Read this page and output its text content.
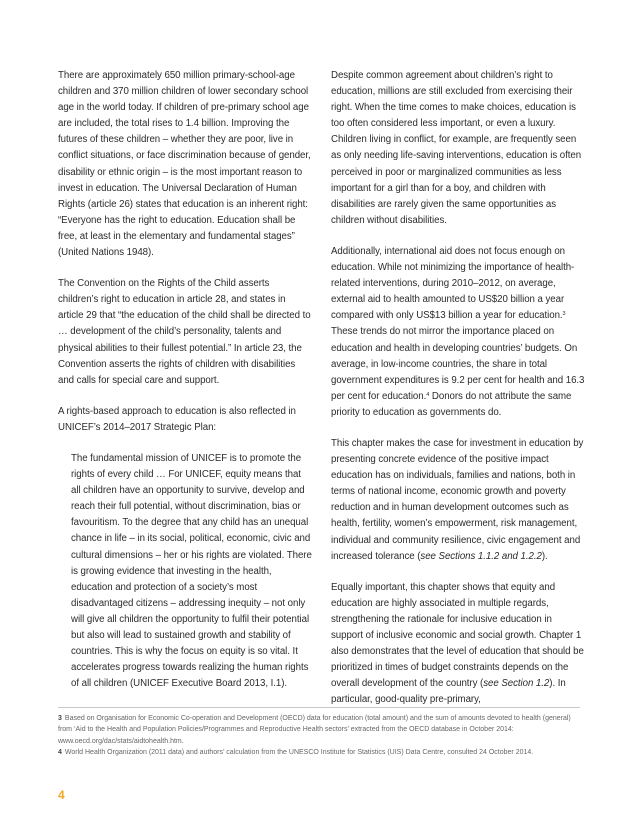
There are approximately 650 million primary-school-age children and 370 million children of lower secondary school age in the world today. If children of pre-primary school age are included, the total rises to 1.4 billion. Improving the futures of these children – whether they are poor, live in conflict situations, or face discrimination because of gender, disability or ethnic origin – is the most important reason to invest in education. The Universal Declaration of Human Rights (article 26) states that education is an inherent right: “Everyone has the right to education. Education shall be free, at least in the elementary and fundamental stages” (United Nations 1948).

The Convention on the Rights of the Child asserts children’s right to education in article 28, and states in article 29 that “the education of the child shall be directed to … development of the child’s personality, talents and physical abilities to their fullest potential.” In article 23, the Convention asserts the rights of children with disabilities and calls for special care and support.

A rights-based approach to education is also reflected in UNICEF’s 2014–2017 Strategic Plan:

The fundamental mission of UNICEF is to promote the rights of every child … For UNICEF, equity means that all children have an opportunity to survive, develop and reach their full potential, without discrimination, bias or favouritism. To the degree that any child has an unequal chance in life – in its social, political, economic, civic and cultural dimensions – her or his rights are violated. There is growing evidence that investing in the health, education and protection of a society’s most disadvantaged citizens – addressing inequity – not only will give all children the opportunity to fulfil their potential but also will lead to sustained growth and stability of countries. This is why the focus on equity is so vital. It accelerates progress towards realizing the human rights of all children (UNICEF Executive Board 2013, I.1).

Despite common agreement about children’s right to education, millions are still excluded from exercising their right. When the time comes to make choices, education is too often considered less important, or even a luxury. Children living in conflict, for example, are frequently seen as only needing life-saving interventions, education is often perceived in poor or marginalized communities as less important for a girl than for a boy, and children with disabilities are rarely given the same opportunities as children without disabilities.

Additionally, international aid does not focus enough on education. While not minimizing the importance of health-related interventions, during 2010–2012, on average, external aid to health amounted to US$20 billion a year compared with only US$13 billion a year for education.$^3$ These trends do not mirror the importance placed on education and health in developing countries’ budgets. On average, in low-income countries, the share in total government expenditures is 9.2 per cent for health and 16.3 per cent for education.$^4$ Donors do not attribute the same priority to education as governments do.

This chapter makes the case for investment in education by presenting concrete evidence of the positive impact education has on individuals, families and nations, both in terms of national income, economic growth and poverty reduction and in human development outcomes such as health, fertility, women’s empowerment, risk management, individual and community resilience, civic engagement and increased tolerance (see Sections 1.1.2 and 1.2.2).

Equally important, this chapter shows that equity and education are highly associated in multiple regards, strengthening the rationale for inclusive education in support of inclusive economic and social growth. Chapter 1 also demonstrates that the level of education that should be prioritized in times of budget constraints depends on the overall development of the country (see Section 1.2). In particular, good-quality pre-primary,

3 Based on Organisation for Economic Co-operation and Development (OECD) data for education (total amount) and the sum of amounts devoted to health (general) from ‘Aid to the Health and Population Policies/Programmes and Reproductive Health sectors’ extracted from the OECD database in October 2014: www.oecd.org/dac/stats/aidtohealth.htm.

4 World Health Organization (2011 data) and authors’ calculation from the UNESCO Institute for Statistics (UIS) Data Centre, consulted 24 October 2014.

4
